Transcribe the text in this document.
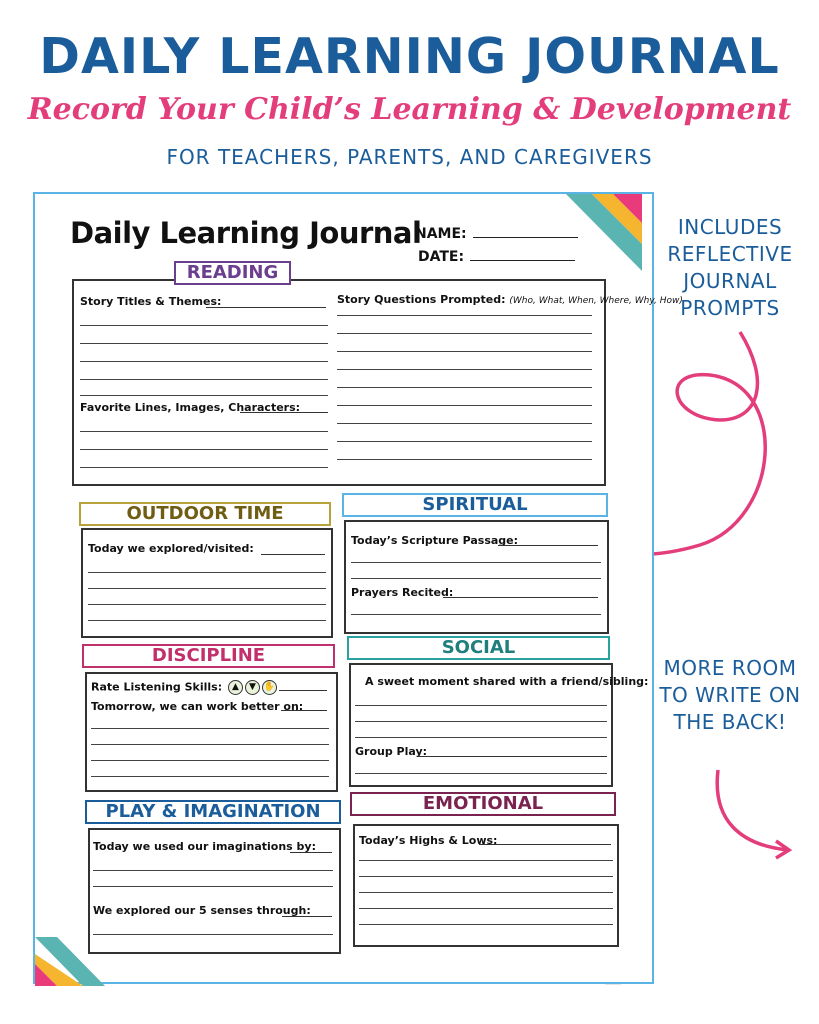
DAILY LEARNING JOURNAL
Record Your Child’s Learning & Development
FOR TEACHERS, PARENTS, AND CAREGIVERS
INCLUDES REFLECTIVE JOURNAL PROMPTS
MORE ROOM TO WRITE ON THE BACK!
Daily Learning Journal
NAME:
DATE:
Story Titles & Themes:	Story Questions Prompted: (Who, What, When, Where, Why, How)
Favorite Lines, Images, Characters:
READING
OUTDOOR TIME
Today we explored/visited:
SPIRITUAL
Today’s Scripture Passage:
Prayers Recited:
DISCIPLINE
Rate Listening Skills: ▲ ▼ ✋
Tomorrow, we can work better on:
SOCIAL
A sweet moment shared with a friend/sibling:
Group Play:
PLAY & IMAGINATION
Today we used our imaginations by:
We explored our 5 senses through:
EMOTIONAL
Today’s Highs & Lows:
